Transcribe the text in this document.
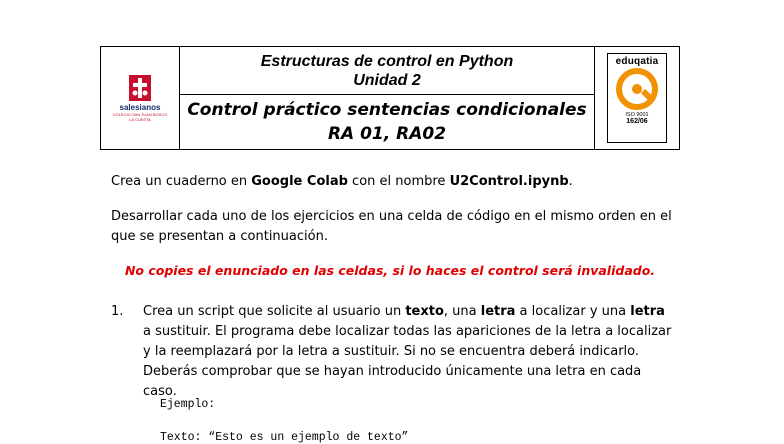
salesianos
COLEGIO SAN JUAN BOSCO LA CUESTA
Estructuras de control en Python
Unidad 2
Control práctico sentencias condicionales
RA 01, RA02
eduqatia
ISO 9001
162/06
Crea un cuaderno en Google Colab con el nombre U2Control.ipynb.
Desarrollar cada uno de los ejercicios en una celda de código en el mismo orden en el que se presentan a continuación.
No copies el enunciado en las celdas, si lo haces el control será invalidado.
1.	Crea un script que solicite al usuario un texto, una letra a localizar y una letra a sustituir. El programa debe localizar todas las apariciones de la letra a localizar y la reemplazará por la letra a sustituir. Si no se encuentra deberá indicarlo. Deberás comprobar que se hayan introducido únicamente una letra en cada caso.
Ejemplo:
Texto: “Esto es un ejemplo de texto”
